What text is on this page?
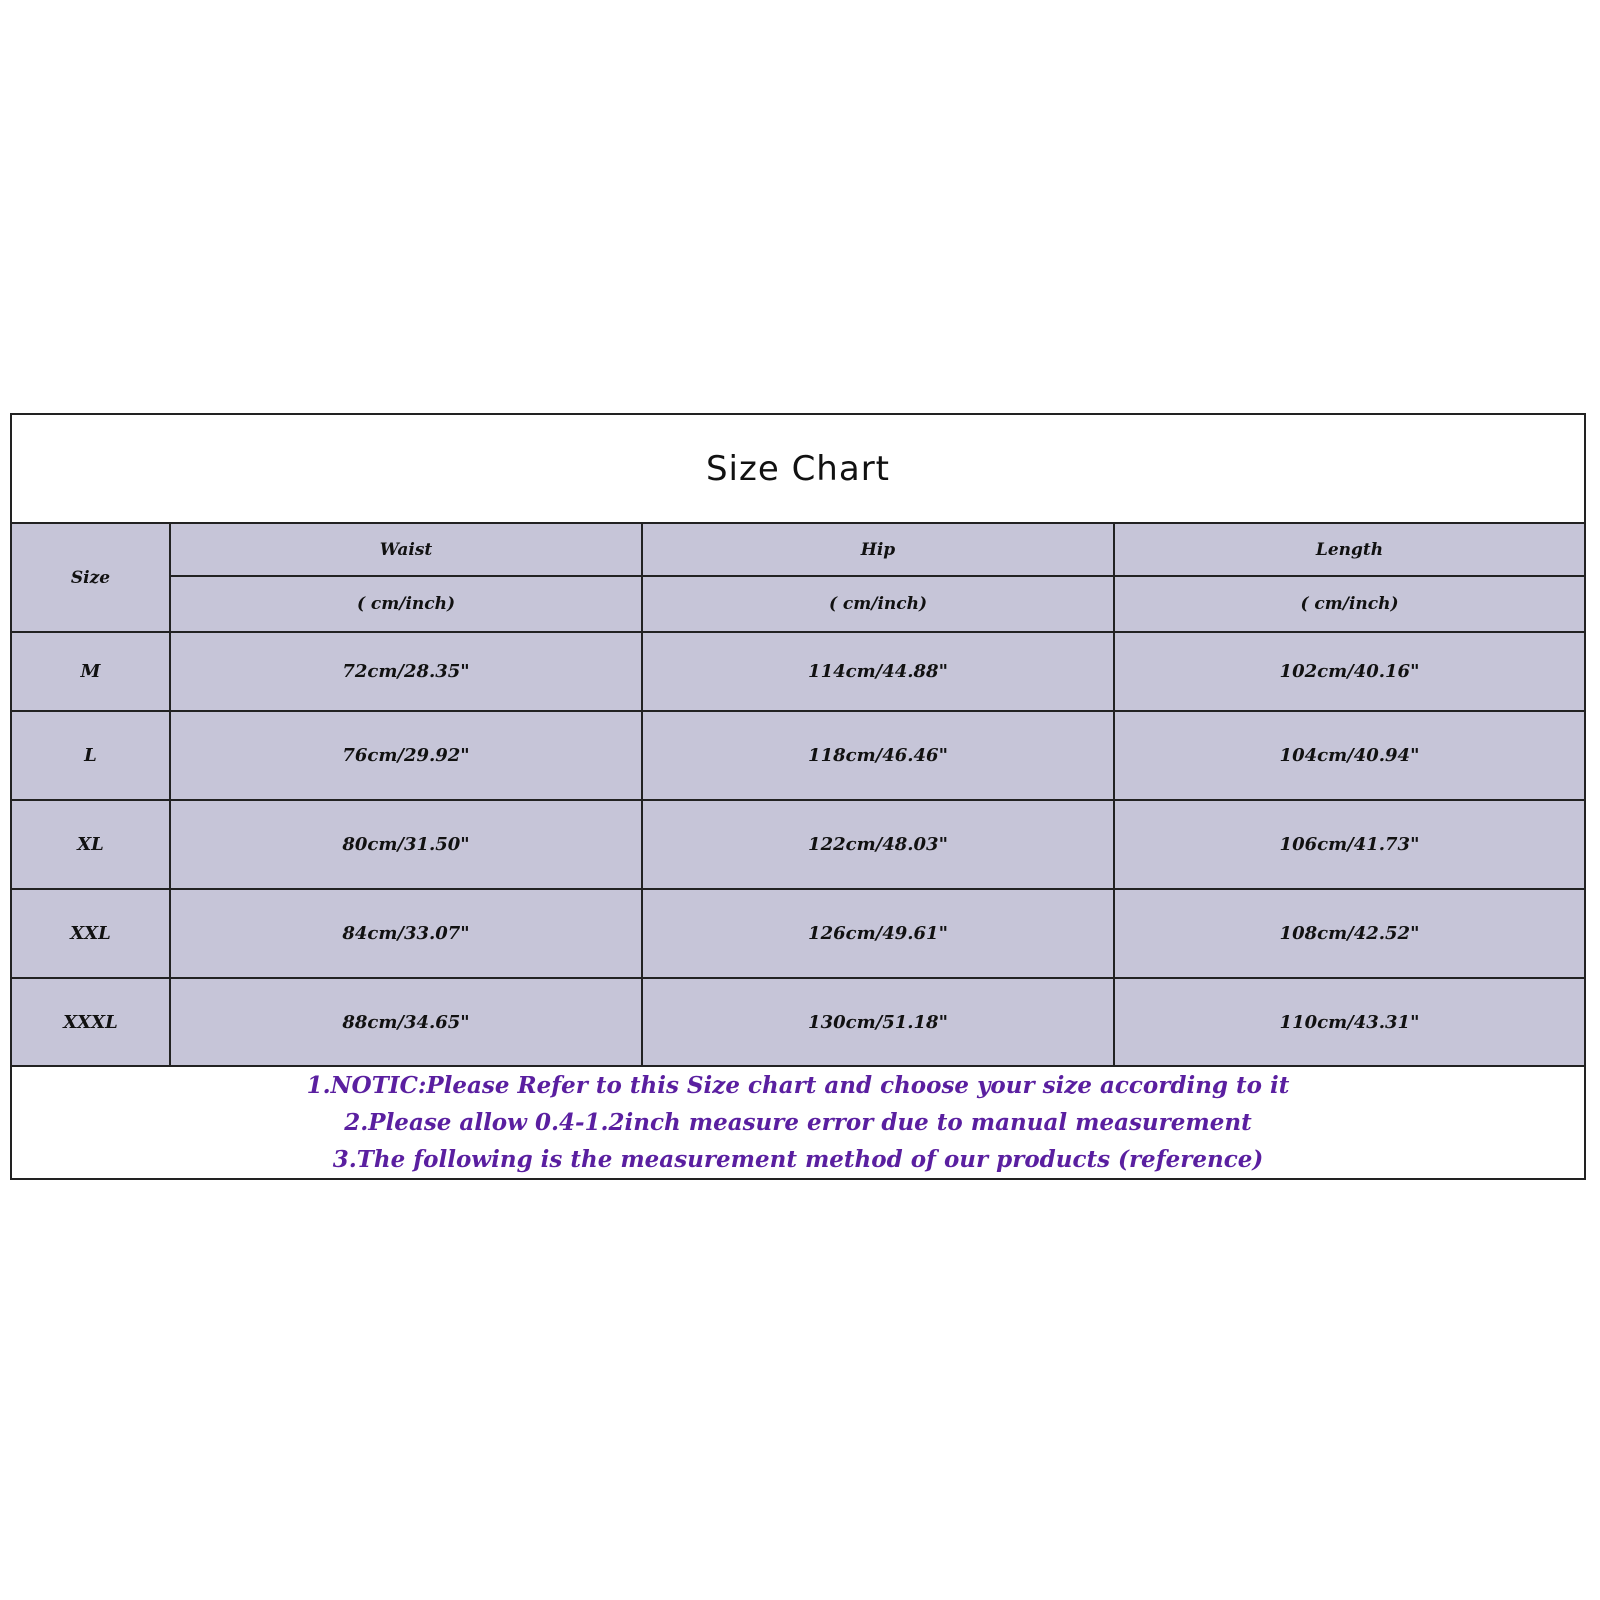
Size Chart
Size	Waist	Hip	Length
	( cm/inch)	( cm/inch)	( cm/inch)
M	72cm/28.35"	114cm/44.88"	102cm/40.16"
L	76cm/29.92"	118cm/46.46"	104cm/40.94"
XL	80cm/31.50"	122cm/48.03"	106cm/41.73"
XXL	84cm/33.07"	126cm/49.61"	108cm/42.52"
XXXL	88cm/34.65"	130cm/51.18"	110cm/43.31"
1.NOTIC:Please Refer to this Size chart and choose your size according to it
2.Please allow 0.4-1.2inch measure error due to manual measurement
3.The following is the measurement method of our products (reference)
